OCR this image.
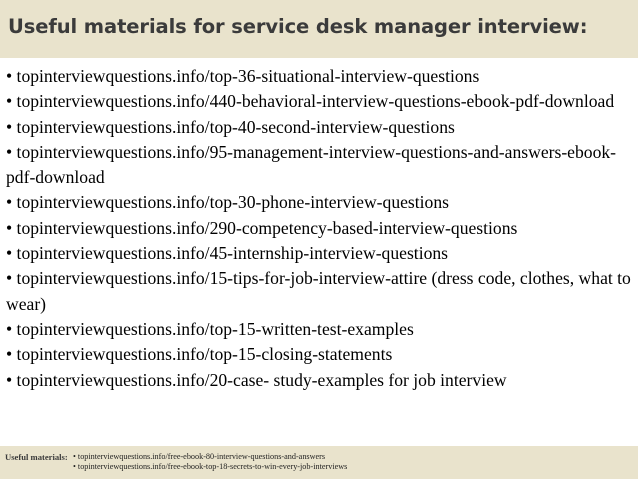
Useful materials for service desk manager interview:
• topinterviewquestions.info/top-36-situational-interview-questions
• topinterviewquestions.info/440-behavioral-interview-questions-ebook-pdf-download
• topinterviewquestions.info/top-40-second-interview-questions
• topinterviewquestions.info/95-management-interview-questions-and-answers-ebook-pdf-download
• topinterviewquestions.info/top-30-phone-interview-questions
• topinterviewquestions.info/290-competency-based-interview-questions
• topinterviewquestions.info/45-internship-interview-questions
• topinterviewquestions.info/15-tips-for-job-interview-attire (dress code, clothes, what to wear)
• topinterviewquestions.info/top-15-written-test-examples
• topinterviewquestions.info/top-15-closing-statements
• topinterviewquestions.info/20-case- study-examples for job interview
Useful materials: • topinterviewquestions.info/free-ebook-80-interview-questions-and-answers
• topinterviewquestions.info/free-ebook-top-18-secrets-to-win-every-job-interviews
